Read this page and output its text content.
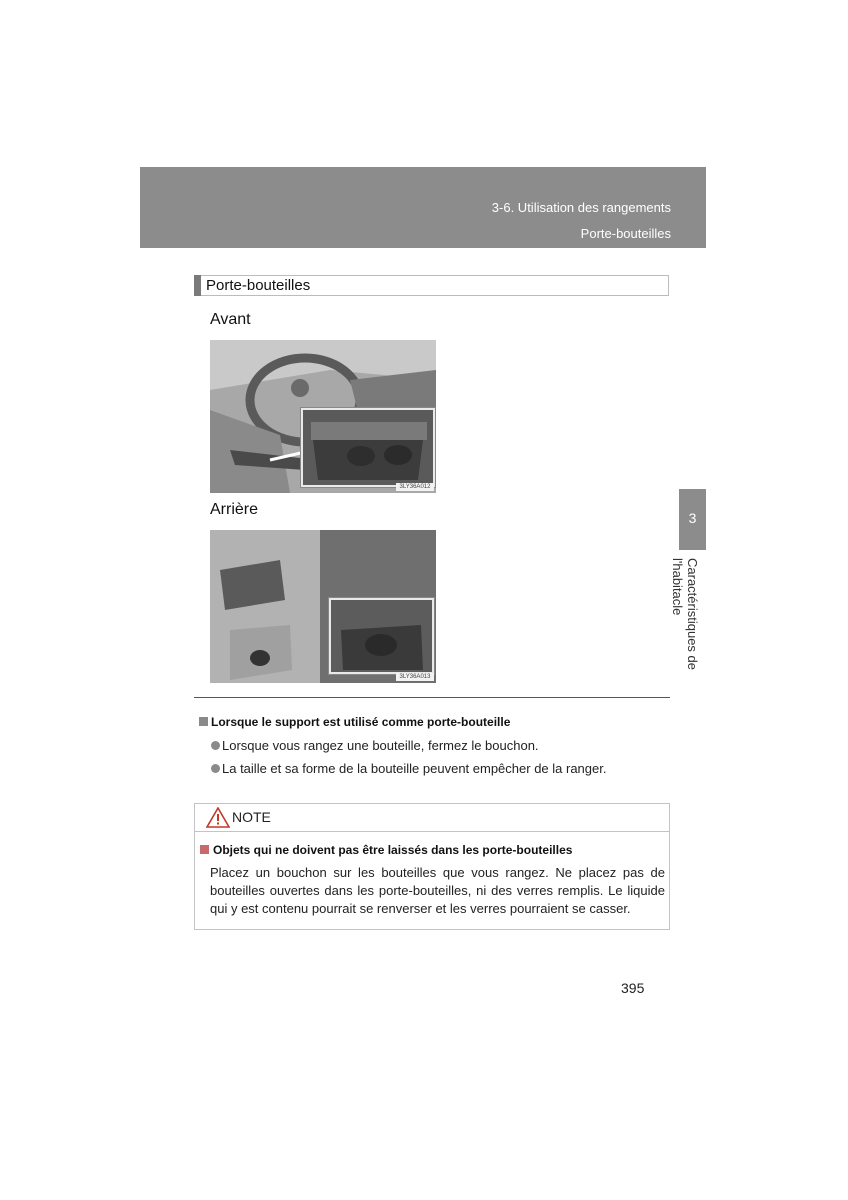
3-6. Utilisation des rangements
Porte-bouteilles
3
Caractéristiques de l'habitacle
Porte-bouteilles
Avant
3LY36A012
Arrière
3LY36A013
Lorsque le support est utilisé comme porte-bouteille
Lorsque vous rangez une bouteille, fermez le bouchon.
La taille et sa forme de la bouteille peuvent empêcher de la ranger.
NOTE
Objets qui ne doivent pas être laissés dans les porte-bouteilles
Placez un bouchon sur les bouteilles que vous rangez. Ne placez pas de bouteilles ouvertes dans les porte-bouteilles, ni des verres remplis. Le liquide qui y est contenu pourrait se renverser et les verres pourraient se casser.
395
